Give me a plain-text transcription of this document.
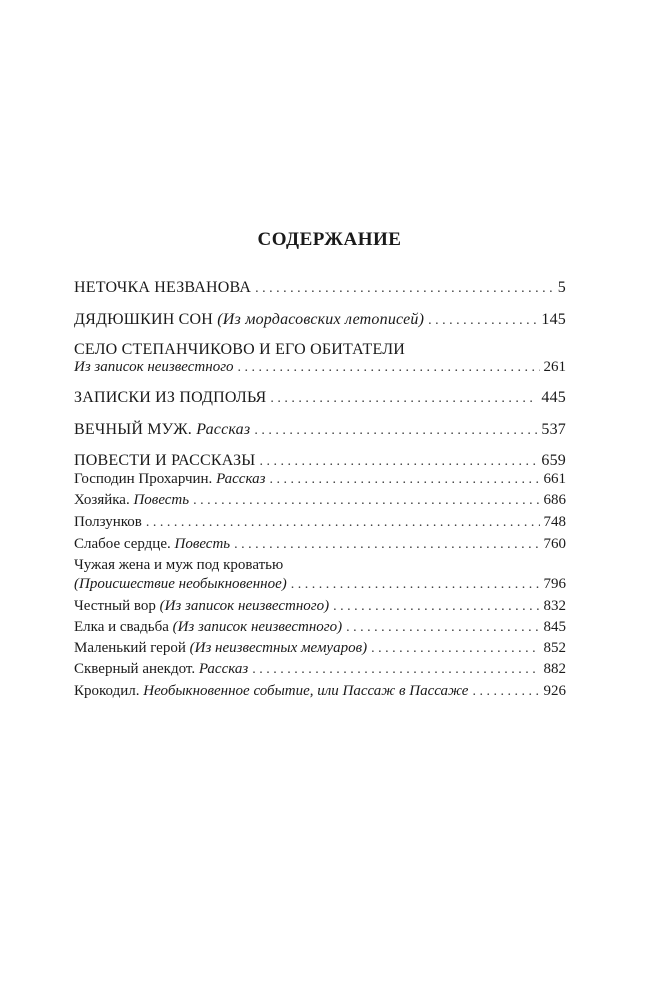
СОДЕРЖАНИЕ
НЕТОЧКА НЕЗВАНОВА . . .	5
ДЯДЮШКИН СОН (Из мордасовских летописей) . . .	145
СЕЛО СТЕПАНЧИКОВО И ЕГО ОБИТАТЕЛИ
Из записок неизвестного . . .	261
ЗАПИСКИ ИЗ ПОДПОЛЬЯ . . .	445
ВЕЧНЫЙ МУЖ. Рассказ . . .	537
ПОВЕСТИ И РАССКАЗЫ . . .	659
Господин Прохарчин. Рассказ . . .	661
Хозяйка. Повесть . . .	686
Ползунков . . .	748
Слабое сердце. Повесть . . .	760
Чужая жена и муж под кроватью
(Происшествие необыкновенное) . . .	796
Честный вор (Из записок неизвестного) . . .	832
Елка и свадьба (Из записок неизвестного) . . .	845
Маленький герой (Из неизвестных мемуаров) . . .	852
Скверный анекдот. Рассказ . . .	882
Крокодил. Необыкновенное событие, или Пассаж в Пассаже . . .	926
